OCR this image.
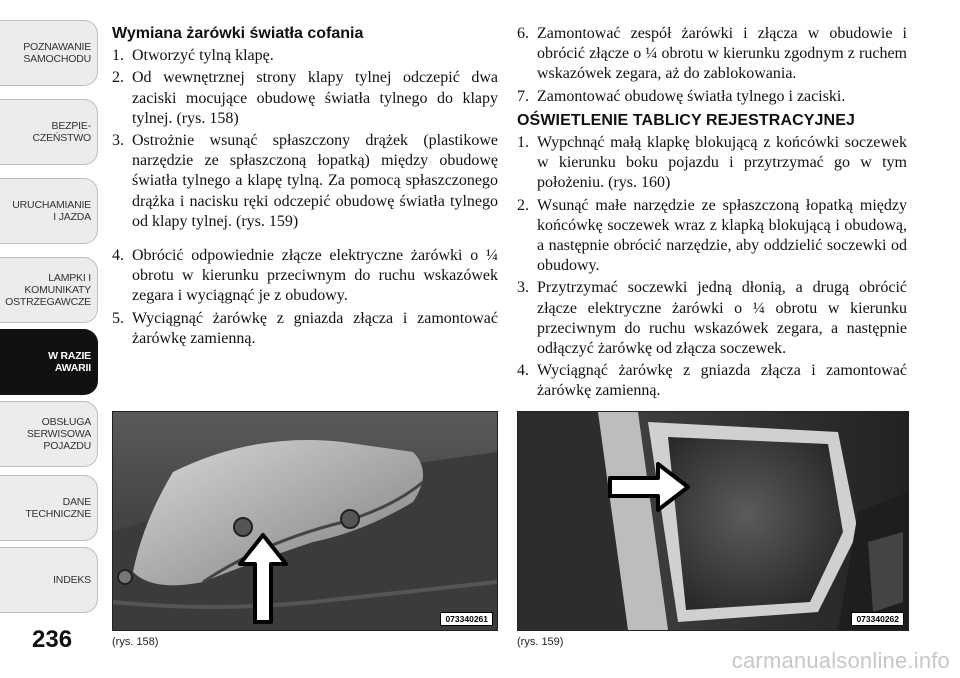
POZNAWANIE
SAMOCHODU
BEZPIE-
CZEŃSTWO
URUCHAMIANIE
I JAZDA
LAMPKI I
KOMUNIKATY
OSTRZEGAWCZE
W RAZIE
AWARII
OBSŁUGA
SERWISOWA
POJAZDU
DANE
TECHNICZNE
INDEKS
236
Wymiana żarówki światła cofania
1. Otworzyć tylną klapę.
2. Od wewnętrznej strony klapy tylnej odczepić dwa zaciski mocujące obudowę światła tylnego do klapy tylnej. (rys. 158)
3. Ostrożnie wsunąć spłaszczony drążek (plastikowe narzędzie ze spłaszczoną łopatką) między obudowę światła tylnego a klapę tylną. Za pomocą spłaszczonego drążka i nacisku ręki odczepić obudowę światła tylnego od klapy tylnej. (rys. 159)
4. Obrócić odpowiednie złącze elektryczne żarówki o ¼ obrotu w kierunku przeciwnym do ruchu wskazówek zegara i wyciągnąć je z obudowy.
5. Wyciągnąć żarówkę z gniazda złącza i zamontować żarówkę zamienną.
6. Zamontować zespół żarówki i złącza w obudowie i obrócić złącze o ¼ obrotu w kierunku zgodnym z ruchem wskazówek zegara, aż do zablokowania.
7. Zamontować obudowę światła tylnego i zaciski.
OŚWIETLENIE TABLICY REJESTRACYJNEJ
1. Wypchnąć małą klapkę blokującą z końcówki soczewek w kierunku boku pojazdu i przytrzymać go w tym położeniu. (rys. 160)
2. Wsunąć małe narzędzie ze spłaszczoną łopatką między końcówkę soczewek wraz z klapką blokującą i obudową, a następnie obrócić narzędzie, aby oddzielić soczewki od obudowy.
3. Przytrzymać soczewki jedną dłonią, a drugą obrócić złącze elektryczne żarówki o ¼ obrotu w kierunku przeciwnym do ruchu wskazówek zegara, a następnie odłączyć żarówkę od złącza soczewek.
4. Wyciągnąć żarówkę z gniazda złącza i zamontować żarówkę zamienną.
073340261
(rys. 158)
073340262
(rys. 159)
carmanualsonline.info
